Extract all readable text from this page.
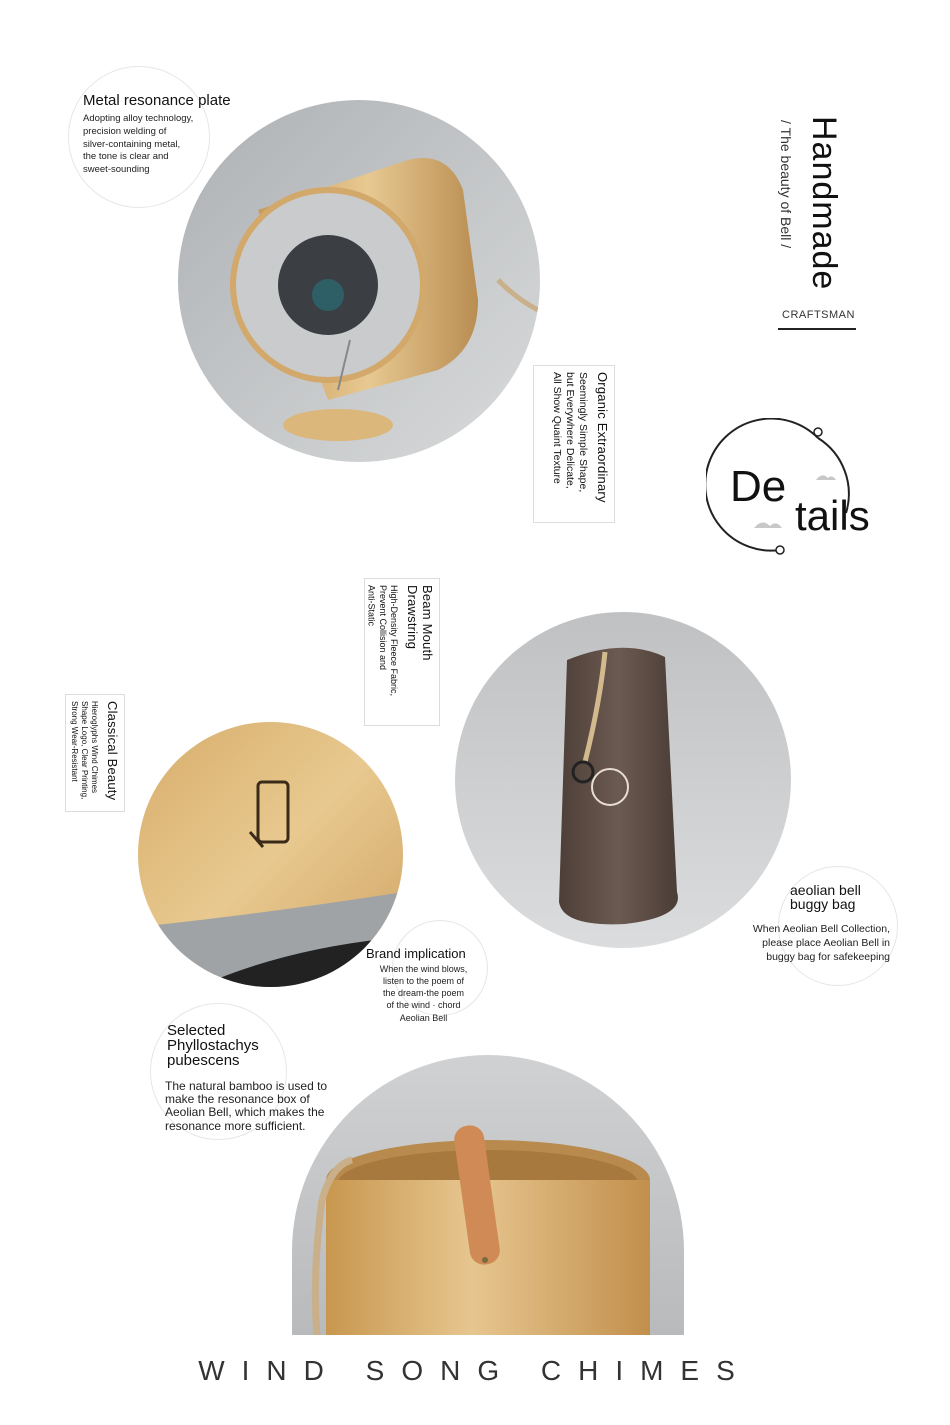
Metal resonance plate
Adopting alloy technology,
precision welding of
silver-containing metal,
the tone is clear and
sweet-sounding	Handmade
/ The beauty of Bell /
CRAFTSMAN
Organic Extraordinary
Seemingly Simple Shape,
but Everywhere Delicate,
All Show Quaint Texture	De
tails
Beam Mouth Drawstring
High-Density Fleece Fabric,
Prevent Collision and
Anti-Static
Classical Beauty
Hieroglyphs Wind Chimes
Shape Logo, Clear Printing,
Strong Wear-Resistant
aeolian bell
buggy bag
When Aeolian Bell Collection,
please place Aeolian Bell in
buggy bag for safekeeping
Brand implication
When the wind blows,
listen to the poem of
the dream-the poem
of the wind · chord
Aeolian Bell
Selected
Phyllostachys
pubescens
The natural bamboo is used to
make the resonance box of
Aeolian Bell, which makes the
resonance more sufficient.
WIND SONG CHIMES
